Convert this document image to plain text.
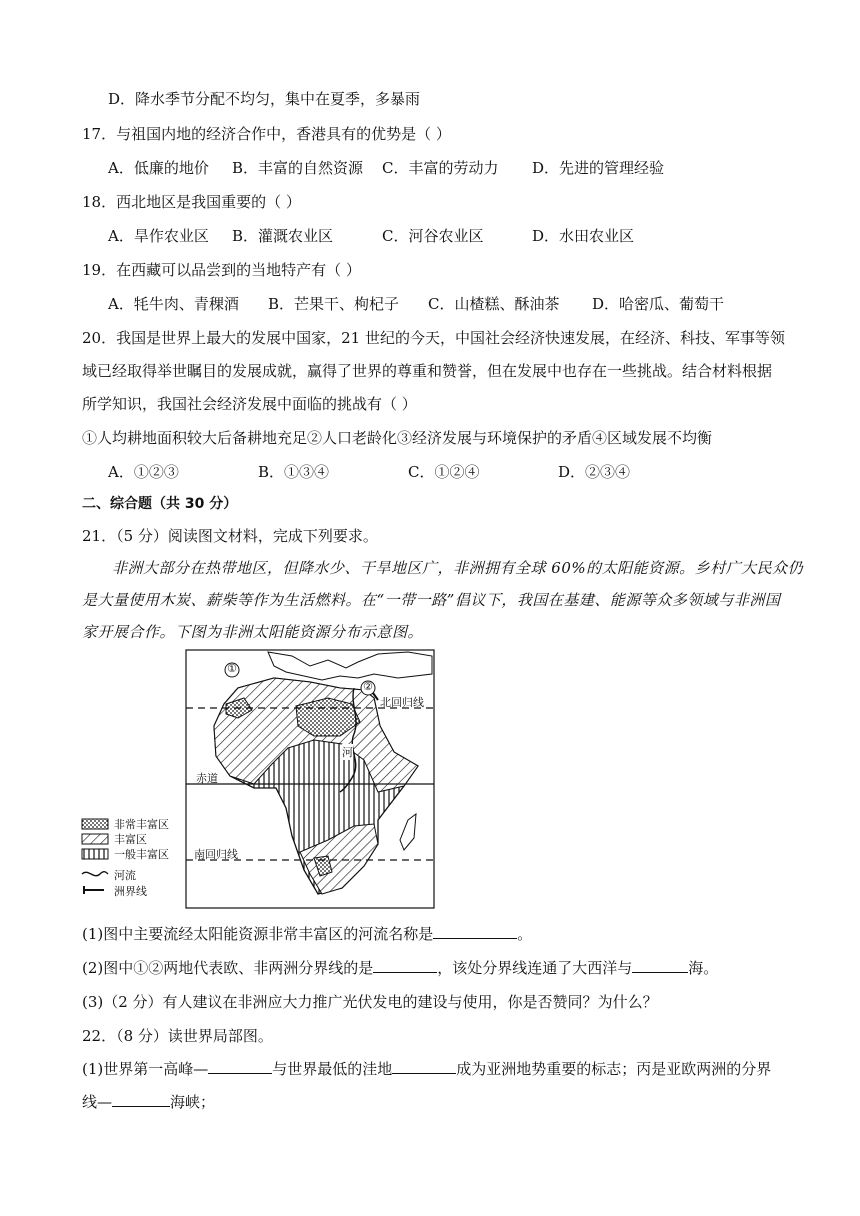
D．降水季节分配不均匀，集中在夏季，多暴雨
17．与祖国内地的经济合作中，香港具有的优势是（ ）
A．低廉的地价 B．丰富的自然资源 C．丰富的劳动力 D．先进的管理经验
18．西北地区是我国重要的（ ）
A．旱作农业区 B．灌溉农业区	C．河谷农业区	D．水田农业区
19．在西藏可以品尝到的当地特产有（ ）
A．牦牛肉、青稞酒 B．芒果干、枸杞子 C．山楂糕、酥油茶 D．哈密瓜、葡萄干
20．我国是世界上最大的发展中国家，21 世纪的今天，中国社会经济快速发展，在经济、科技、军事等领
域已经取得举世瞩目的发展成就，赢得了世界的尊重和赞誉，但在发展中也存在一些挑战。结合材料根据
所学知识，我国社会经济发展中面临的挑战有（ ）
①人均耕地面积较大后备耕地充足②人口老龄化③经济发展与环境保护的矛盾④区域发展不均衡
A．①②③	B．①③④	C．①②④	D．②③④
二、综合题（共 30 分）
21．（5 分）阅读图文材料，完成下列要求。
非洲大部分在热带地区，但降水少、干旱地区广，非洲拥有全球 60%的太阳能资源。乡村广大民众仍
是大量使用木炭、薪柴等作为生活燃料。在“一带一路”倡议下，我国在基建、能源等众多领域与非洲国
家开展合作。下图为非洲太阳能资源分布示意图。
①
②
北回归线
赤道
南回归线
河
非常丰富区
丰富区
一般丰富区
河流
洲界线
(1)图中主要流经太阳能资源非常丰富区的河流名称是	。
(2)图中①②两地代表欧、非两洲分界线的是	，该处分界线连通了大西洋与	海。
(3)（2 分）有人建议在非洲应大力推广光伏发电的建设与使用，你是否赞同？为什么？
22．（8 分）读世界局部图。
(1)世界第一高峰—	与世界最低的洼地	成为亚洲地势重要的标志；丙是亚欧两洲的分界
线—	海峡；
